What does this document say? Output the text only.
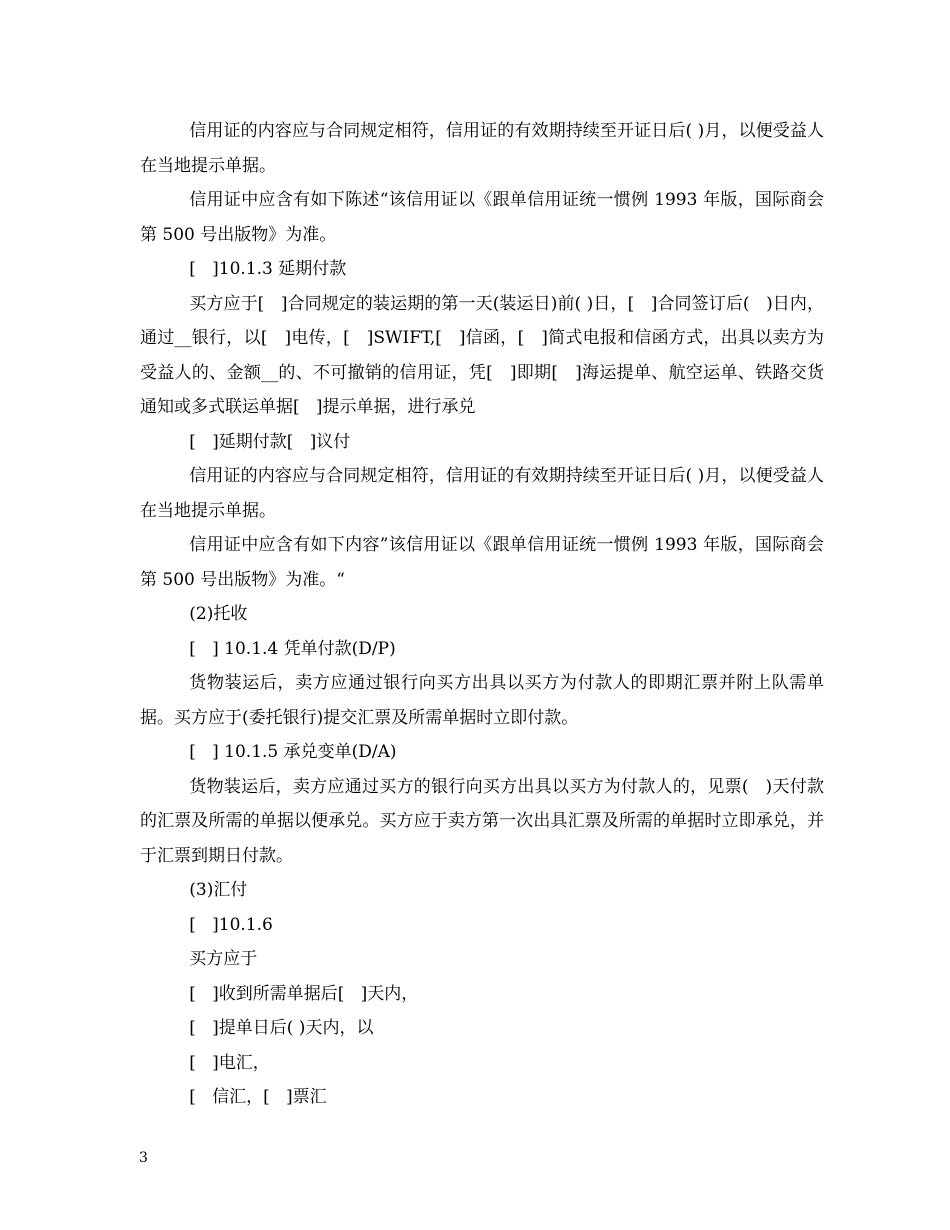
信用证的内容应与合同规定相符，信用证的有效期持续至开证日后( )月，以便受益人在当地提示单据。

信用证中应含有如下陈述“该信用证以《跟单信用证统一惯例 1993 年版，国际商会第 500 号出版物》为准。

[   ]10.1.3 延期付款

买方应于[   ]合同规定的装运期的第一天(装运日)前( )日，[   ]合同签订后(   )日内，通过__银行，以[   ]电传，[   ]SWIFT,[   ]信函，[   ]简式电报和信函方式，出具以卖方为受益人的、金额__的、不可撤销的信用证，凭[   ]即期[   ]海运提单、航空运单、铁路交货通知或多式联运单据[   ]提示单据，进行承兑

[   ]延期付款[   ]议付

信用证的内容应与合同规定相符，信用证的有效期持续至开证日后( )月，以便受益人在当地提示单据。

信用证中应含有如下内容”该信用证以《跟单信用证统一惯例 1993 年版，国际商会第 500 号出版物》为准。“

(2)托收

[   ] 10.1.4 凭单付款(D/P)

货物装运后，卖方应通过银行向买方出具以买方为付款人的即期汇票并附上队需单据。买方应于(委托银行)提交汇票及所需单据时立即付款。

[   ] 10.1.5 承兑变单(D/A)

货物装运后，卖方应通过买方的银行向买方出具以买方为付款人的，见票(   )天付款的汇票及所需的单据以便承兑。买方应于卖方第一次出具汇票及所需的单据时立即承兑，并于汇票到期日付款。

(3)汇付

[   ]10.1.6

买方应于

[   ]收到所需单据后[   ]天内，

[   ]提单日后( )天内，以

[   ]电汇，

[   信汇，[   ]票汇

3
